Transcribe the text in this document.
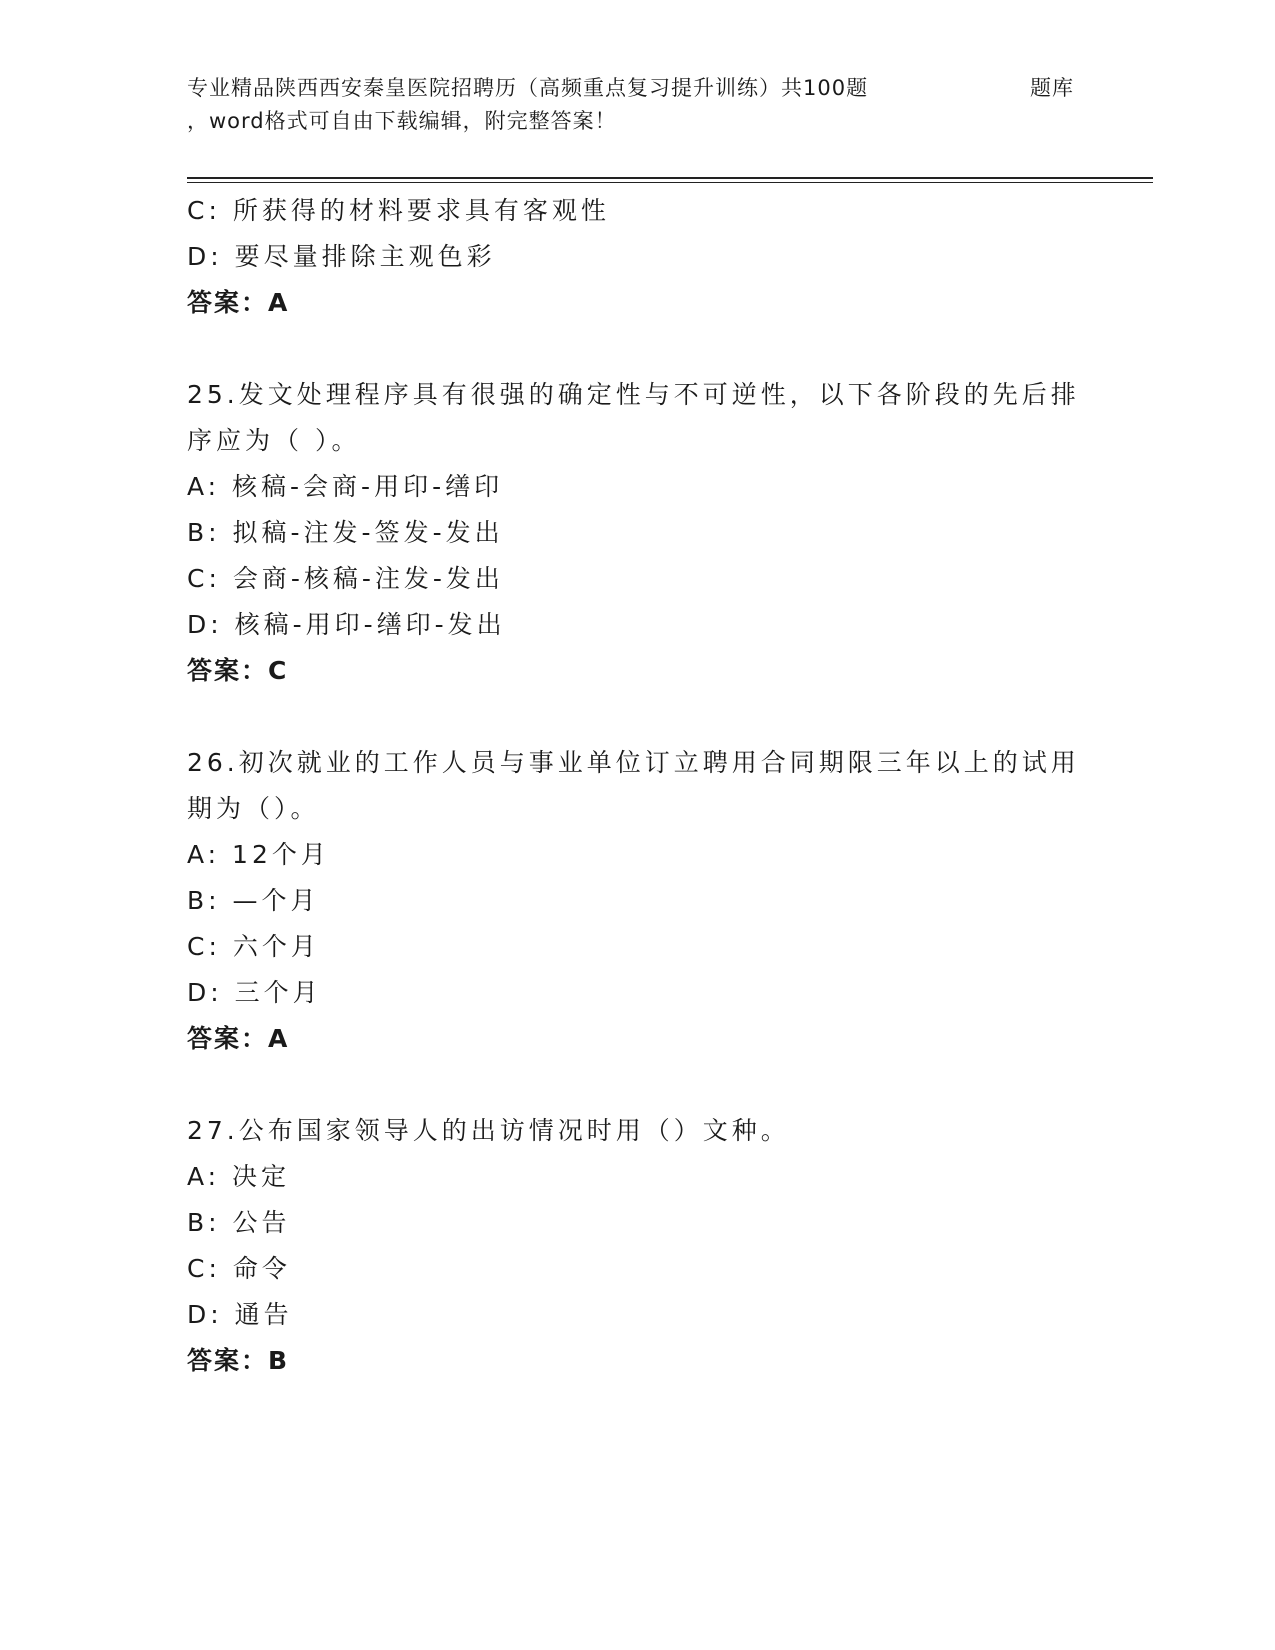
专业精品陕西西安秦皇医院招聘历（高频重点复习提升训练）共100题	题库
，word格式可自由下载编辑，附完整答案！
C: 所获得的材料要求具有客观性
D: 要尽量排除主观色彩
答案：A
25.发文处理程序具有很强的确定性与不可逆性，以下各阶段的先后排
序应为（ ）。
A: 核稿-会商-用印-缮印
B: 拟稿-注发-签发-发出
C: 会商-核稿-注发-发出
D: 核稿-用印-缮印-发出
答案：C
26.初次就业的工作人员与事业单位订立聘用合同期限三年以上的试用
期为（）。
A: 12个月
B: —个月
C: 六个月
D: 三个月
答案：A
27.公布国家领导人的出访情况时用（）文种。
A: 决定
B: 公告
C: 命令
D: 通告
答案：B
